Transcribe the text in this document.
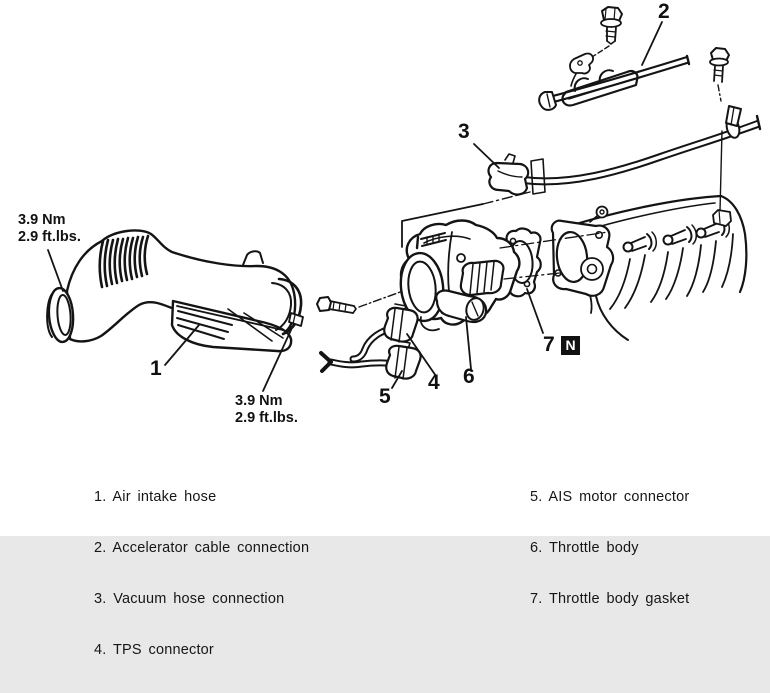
3.9 Nm
2.9 ft.lbs.
3.9 Nm
2.9 ft.lbs.
1
2
3
4
5
6
7 N

1. Air intake hose

2. Accelerator cable connection

3. Vacuum hose connection

4. TPS connector

5. AIS motor connector

6. Throttle body

7. Throttle body gasket
